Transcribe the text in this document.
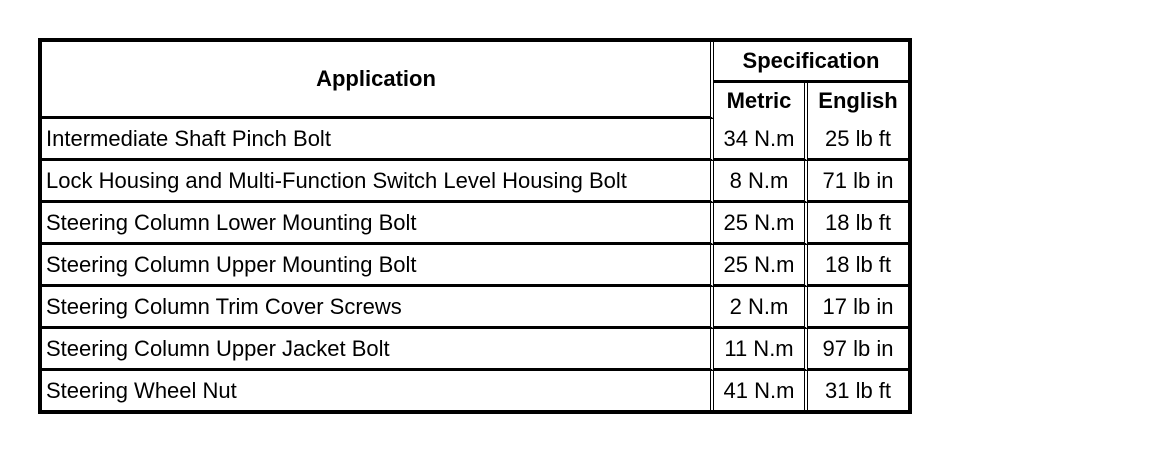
Application	Specification	
	Metric	English
Intermediate Shaft Pinch Bolt	34 N.m	25 lb ft
Lock Housing and Multi-Function Switch Level Housing Bolt	8 N.m	71 lb in
Steering Column Lower Mounting Bolt	25 N.m	18 lb ft
Steering Column Upper Mounting Bolt	25 N.m	18 lb ft
Steering Column Trim Cover Screws	2 N.m	17 lb in
Steering Column Upper Jacket Bolt	11 N.m	97 lb in
Steering Wheel Nut	41 N.m	31 lb ft
